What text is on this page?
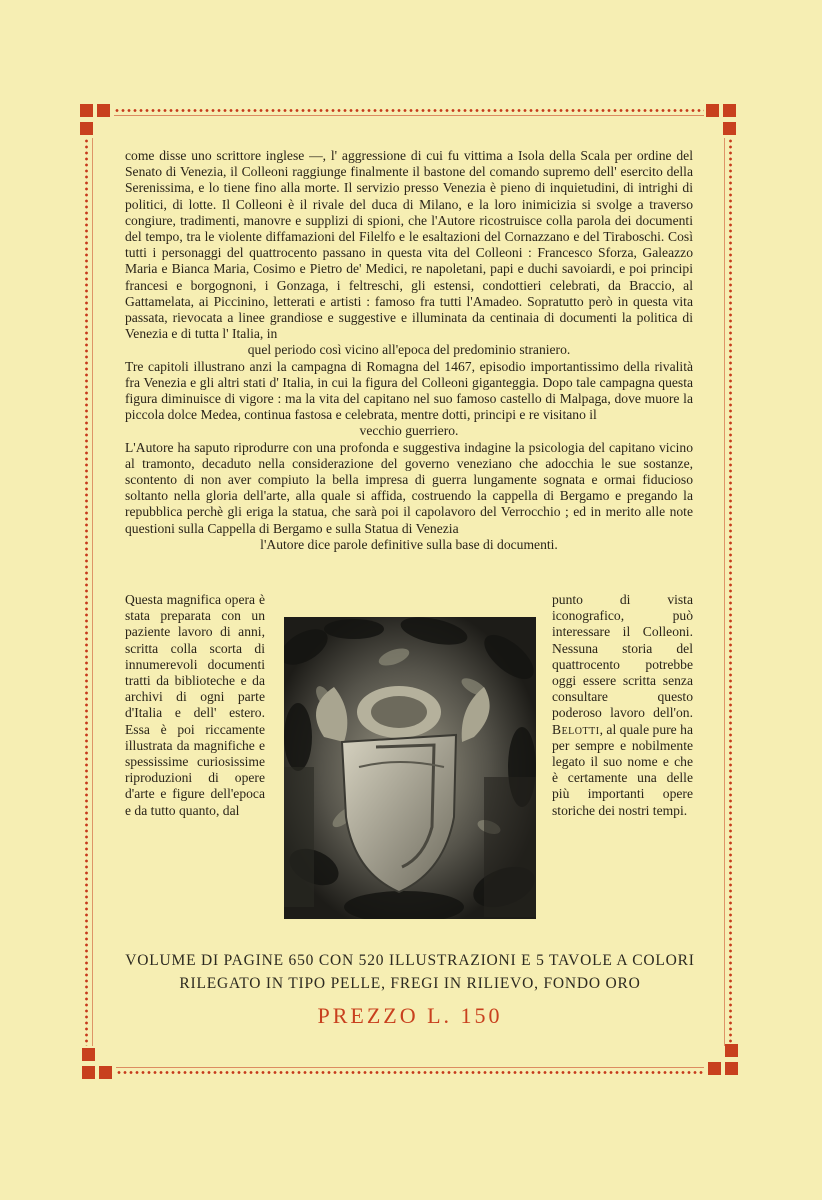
come disse uno scrittore inglese —, l' aggressione di cui fu vittima a Isola della Scala per ordine del Senato di Venezia, il Colleoni raggiunge finalmente il bastone del comando supremo dell' esercito della Serenissima, e lo tiene fino alla morte. Il servizio presso Venezia è pieno di inquietudini, di intrighi di politici, di lotte. Il Colleoni è il rivale del duca di Milano, e la loro inimicizia si svolge a traverso congiure, tradimenti, manovre e supplizi di spioni, che l'Autore ricostruisce colla parola dei documenti del tempo, tra le violente diffamazioni del Filelfo e le esaltazioni del Cornazzano e del Tiraboschi. Così tutti i personaggi del quattrocento passano in questa vita del Colleoni : Francesco Sforza, Galeazzo Maria e Bianca Maria, Cosimo e Pietro de' Medici, re napoletani, papi e duchi savoiardi, e poi principi francesi e borgognoni, i Gonzaga, i feltreschi, gli estensi, condottieri celebrati, da Braccio, al Gattamelata, ai Piccinino, letterati e artisti : famoso fra tutti l'Amadeo. Sopratutto però in questa vita passata, rievocata a linee grandiose e suggestive e illuminata da centinaia di documenti la politica di Venezia e di tutta l' Italia, in

quel periodo così vicino all'epoca del predominio straniero.

Tre capitoli illustrano anzi la campagna di Romagna del 1467, episodio importantissimo della rivalità fra Venezia e gli altri stati d' Italia, in cui la figura del Colleoni giganteggia. Dopo tale campagna questa figura diminuisce di vigore : ma la vita del capitano nel suo famoso castello di Malpaga, dove muore la piccola dolce Medea, continua fastosa e celebrata, mentre dotti, principi e re visitano il

vecchio guerriero.

L'Autore ha saputo riprodurre con una profonda e suggestiva indagine la psicologia del capitano vicino al tramonto, decaduto nella considerazione del governo veneziano che adocchia le sue sostanze, scontento di non aver compiuto la bella impresa di guerra lungamente sognata e ormai fiducioso soltanto nella gloria dell'arte, alla quale si affida, costruendo la cappella di Bergamo e pregando la repubblica perchè gli eriga la statua, che sarà poi il capolavoro del Verrocchio ; ed in merito alle note questioni sulla Cappella di Bergamo e sulla Statua di Venezia

l'Autore dice parole definitive sulla base di documenti.

Questa magnifica opera è stata preparata con un paziente lavoro di anni, scritta colla scorta di innumerevoli documenti tratti da biblioteche e da archivi di ogni parte d'Italia e dell' estero. Essa è poi riccamente illustrata da magnifiche e spessissime curiosissime riproduzioni di opere d'arte e figure dell'epoca e da tutto quanto, dal

punto di vista iconografico, può interessare il Colleoni. Nessuna storia del quattrocento potrebbe oggi essere scritta senza consultare questo poderoso lavoro dell'on. Belotti, al quale pure ha per sempre e nobilmente legato il suo nome e che è certamente una delle più importanti opere storiche dei nostri tempi.

VOLUME DI PAGINE 650 CON 520 ILLUSTRAZIONI E 5 TAVOLE A COLORI
RILEGATO IN TIPO PELLE, FREGI IN RILIEVO, FONDO ORO
PREZZO L. 150
